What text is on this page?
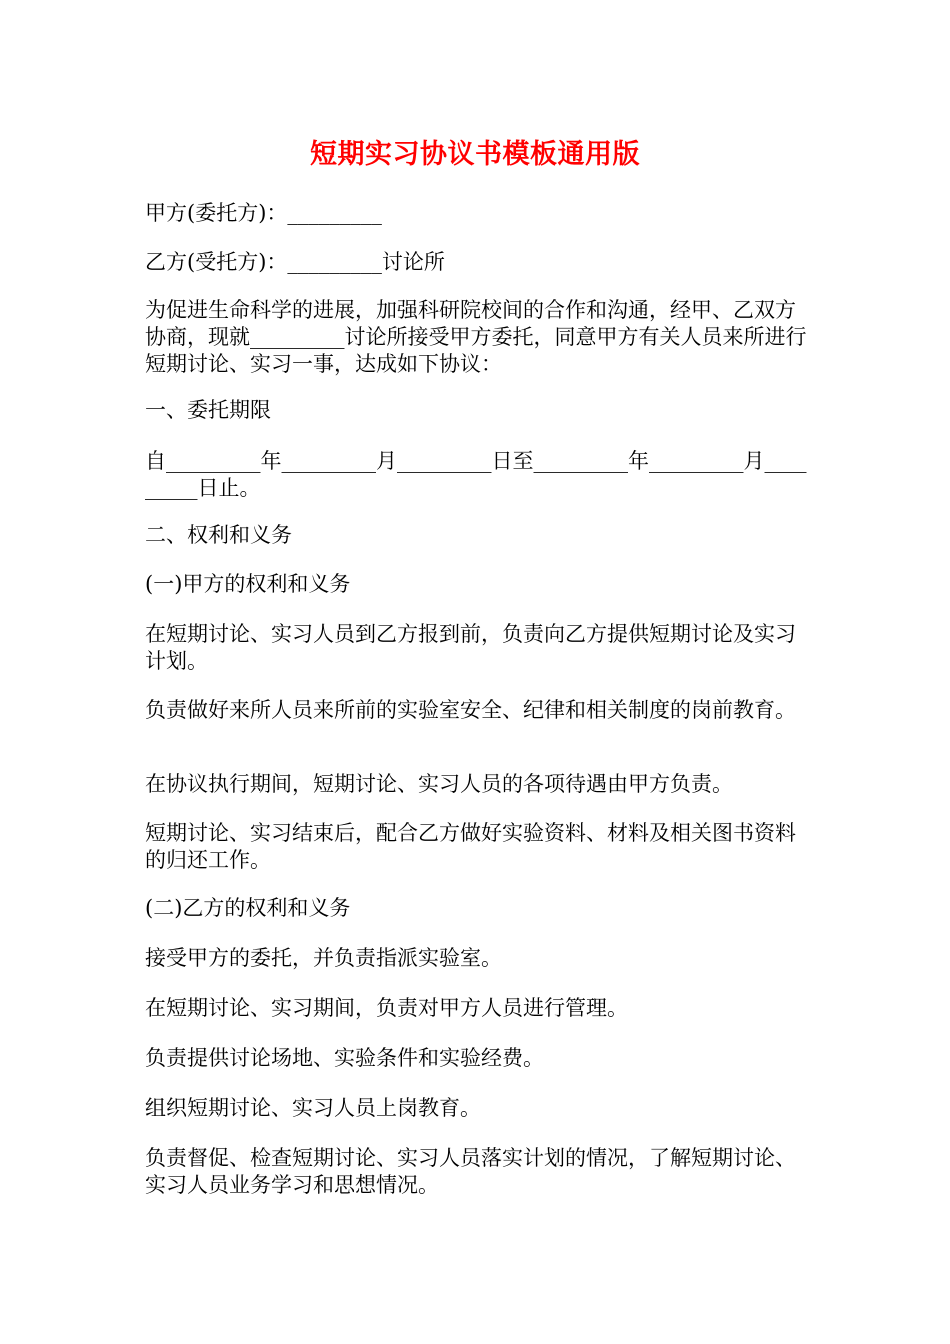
短期实习协议书模板通用版
甲方(委托方)：_________
乙方(受托方)：_________讨论所
为促进生命科学的进展，加强科研院校间的合作和沟通，经甲、乙双方协商，现就_________讨论所接受甲方委托，同意甲方有关人员来所进行短期讨论、实习一事，达成如下协议：
一、委托期限
自_________年_________月_________日至_________年_________月_________日止。
二、权利和义务
(一)甲方的权利和义务
在短期讨论、实习人员到乙方报到前，负责向乙方提供短期讨论及实习计划。
负责做好来所人员来所前的实验室安全、纪律和相关制度的岗前教育。
在协议执行期间，短期讨论、实习人员的各项待遇由甲方负责。
短期讨论、实习结束后，配合乙方做好实验资料、材料及相关图书资料的归还工作。
(二)乙方的权利和义务
接受甲方的委托，并负责指派实验室。
在短期讨论、实习期间，负责对甲方人员进行管理。
负责提供讨论场地、实验条件和实验经费。
组织短期讨论、实习人员上岗教育。
负责督促、检查短期讨论、实习人员落实计划的情况，了解短期讨论、实习人员业务学习和思想情况。
